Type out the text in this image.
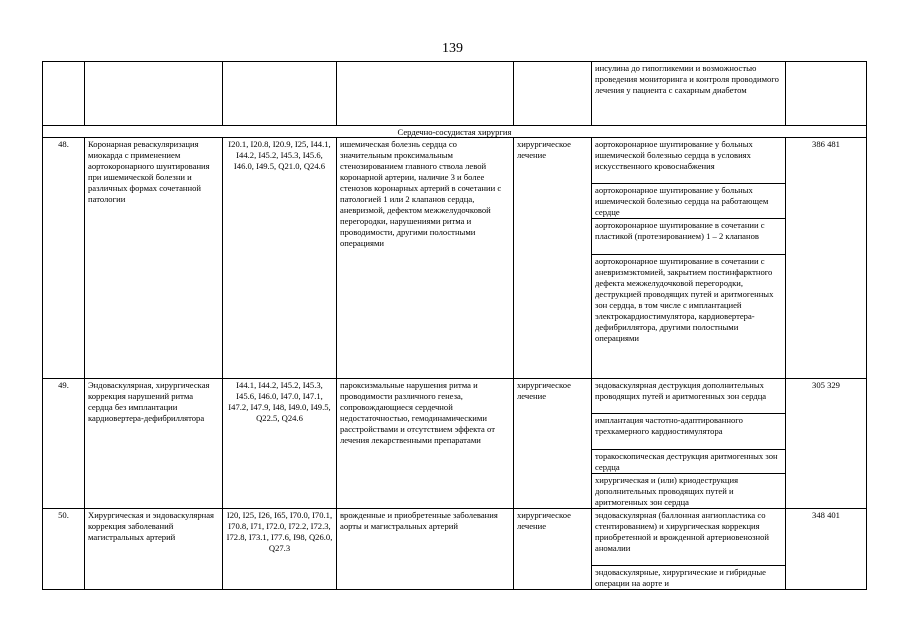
139
					инсулина до гипогликемии и возможностью проведения мониторинга и контроля проводимого лечения у пациента с сахарным диабетом	
Сердечно-сосудистая хирургия						
48.	Коронарная реваскуляризация миокарда с применением аортокоронарного шунтирования при ишемической болезни и различных формах сочетанной патологии	I20.1, I20.8, I20.9, I25, I44.1, I44.2, I45.2, I45.3, I45.6, I46.0, I49.5, Q21.0, Q24.6	ишемическая болезнь сердца со значительным проксимальным стенозированием главного ствола левой коронарной артерии, наличие 3 и более стенозов коронарных артерий в сочетании с патологией 1 или 2 клапанов сердца, аневризмой, дефектом межжелудочковой перегородки, нарушениями ритма и проводимости, другими полостными операциями	хирургическое лечение	аортокоронарное шунтирование у больных ишемической болезнью сердца в условиях искусственного кровоснабжения	386 481
					аортокоронарное шунтирование у больных ишемической болезнью сердца на работающем сердце	
					аортокоронарное шунтирование в сочетании с пластикой (протезированием) 1 – 2 клапанов	
					аортокоронарное шунтирование в сочетании с аневризмэктомией, закрытием постинфарктного дефекта межжелудочковой перегородки, деструкцией проводящих путей и аритмогенных зон сердца, в том числе с имплантацией электрокардиостимулятора, кардиовертера-дефибриллятора, другими полостными операциями	
49.	Эндоваскулярная, хирургическая коррекция нарушений ритма сердца без имплантации кардиовертера-дефибриллятора	I44.1, I44.2, I45.2, I45.3, I45.6, I46.0, I47.0, I47.1, I47.2, I47.9, I48, I49.0, I49.5, Q22.5, Q24.6	пароксизмальные нарушения ритма и проводимости различного генеза, сопровождающиеся сердечной недостаточностью, гемодинамическими расстройствами и отсутствием эффекта от лечения лекарственными препаратами	хирургическое лечение	эндоваскулярная деструкция дополнительных проводящих путей и аритмогенных зон сердца	305 329
					имплантация частотно-адаптированного трехкамерного кардиостимулятора	
					торакоскопическая деструкция аритмогенных зон сердца	
					хирургическая и (или) криодеструкция дополнительных проводящих путей и аритмогенных зон сердца	
50.	Хирургическая и эндоваскулярная коррекция заболеваний магистральных артерий	I20, I25, I26, I65, I70.0, I70.1, I70.8, I71, I72.0, I72.2, I72.3, I72.8, I73.1, I77.6, I98, Q26.0, Q27.3	врожденные и приобретенные заболевания аорты и магистральных артерий	хирургическое лечение	эндоваскулярная (баллонная ангиопластика со стентированием) и хирургическая коррекция приобретенной и врожденной артериовенозной аномалии	348 401
					эндоваскулярные, хирургические и гибридные операции на аорте и	
